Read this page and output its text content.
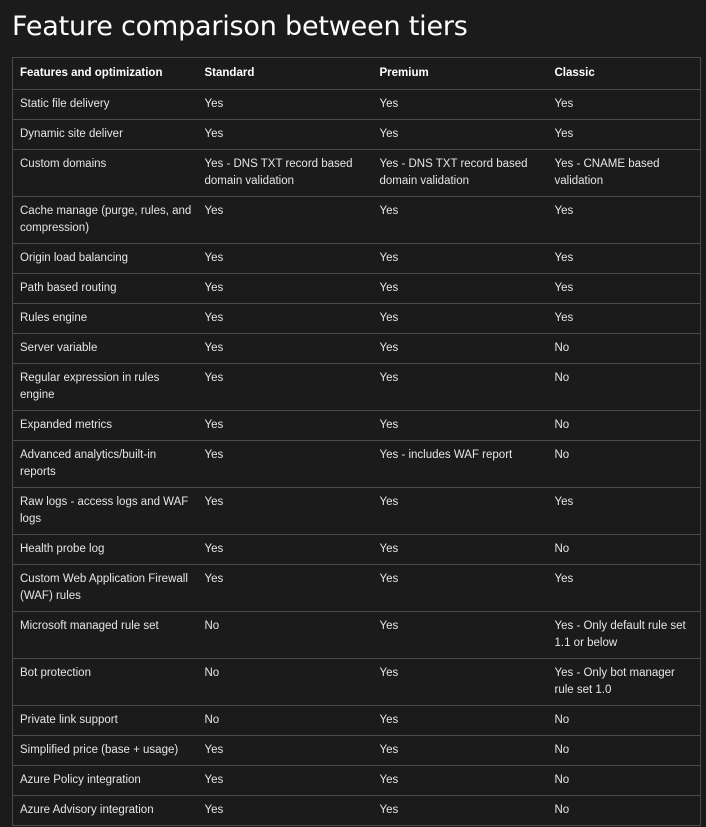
Feature comparison between tiers
Features and optimization	Standard	Premium	Classic
Static file delivery	Yes	Yes	Yes
Dynamic site deliver	Yes	Yes	Yes
Custom domains	Yes - DNS TXT record based domain validation	Yes - DNS TXT record based domain validation	Yes - CNAME based validation
Cache manage (purge, rules, and compression)	Yes	Yes	Yes
Origin load balancing	Yes	Yes	Yes
Path based routing	Yes	Yes	Yes
Rules engine	Yes	Yes	Yes
Server variable	Yes	Yes	No
Regular expression in rules engine	Yes	Yes	No
Expanded metrics	Yes	Yes	No
Advanced analytics/built-in reports	Yes	Yes - includes WAF report	No
Raw logs - access logs and WAF logs	Yes	Yes	Yes
Health probe log	Yes	Yes	No
Custom Web Application Firewall (WAF) rules	Yes	Yes	Yes
Microsoft managed rule set	No	Yes	Yes - Only default rule set 1.1 or below
Bot protection	No	Yes	Yes - Only bot manager rule set 1.0
Private link support	No	Yes	No
Simplified price (base + usage)	Yes	Yes	No
Azure Policy integration	Yes	Yes	No
Azure Advisory integration	Yes	Yes	No
